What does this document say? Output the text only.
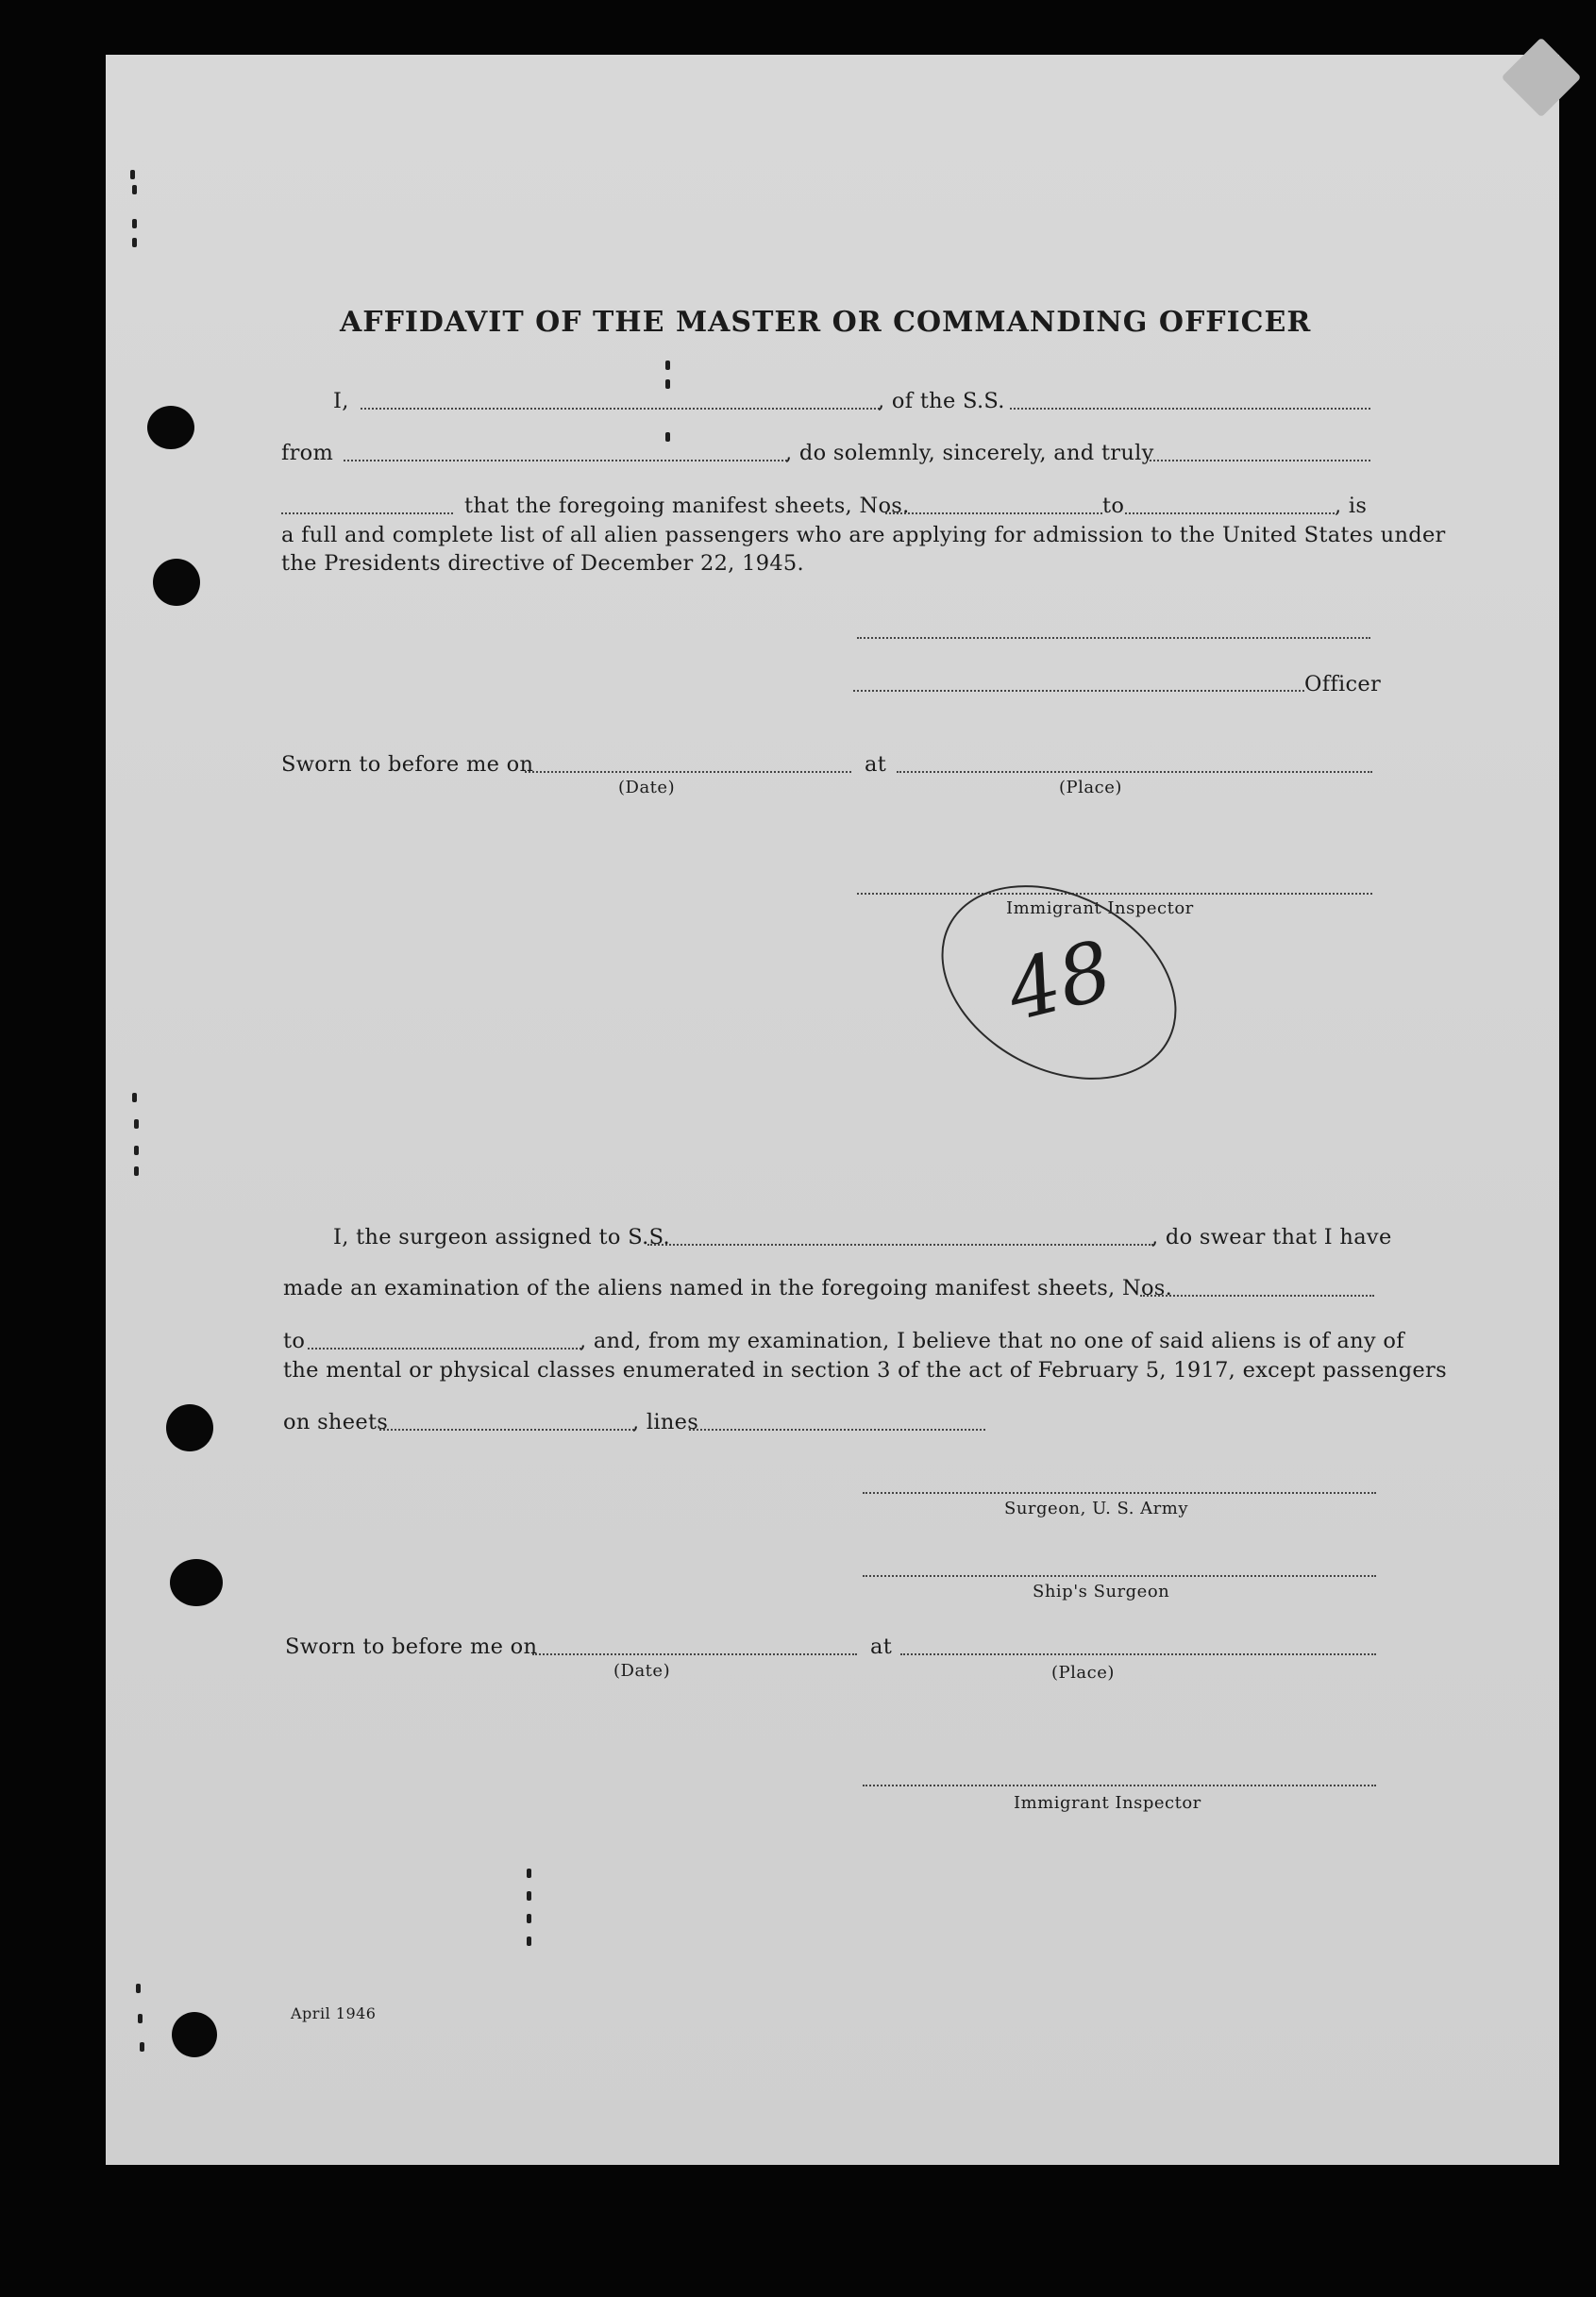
AFFIDAVIT OF THE MASTER OR COMMANDING OFFICER
I,	, of the S.S.
from	, do solemnly, sincerely, and truly
that the foregoing manifest sheets, Nos.	to	, is
a full and complete list of all alien passengers who are applying for admission to the United States under
the Presidents directive of December 22, 1945.
Officer
Sworn to before me on	at
(Date)	(Place)
Immigrant Inspector
48
I, the surgeon assigned to S.S.	, do swear that I have
made an examination of the aliens named in the foregoing manifest sheets, Nos.
to	, and, from my examination, I believe that no one of said aliens is of any of
the mental or physical classes enumerated in section 3 of the act of February 5, 1917, except passengers
on sheets	, lines
Surgeon, U. S. Army
Ship's Surgeon
Sworn to before me on	at
(Date)	(Place)
Immigrant Inspector
April 1946
